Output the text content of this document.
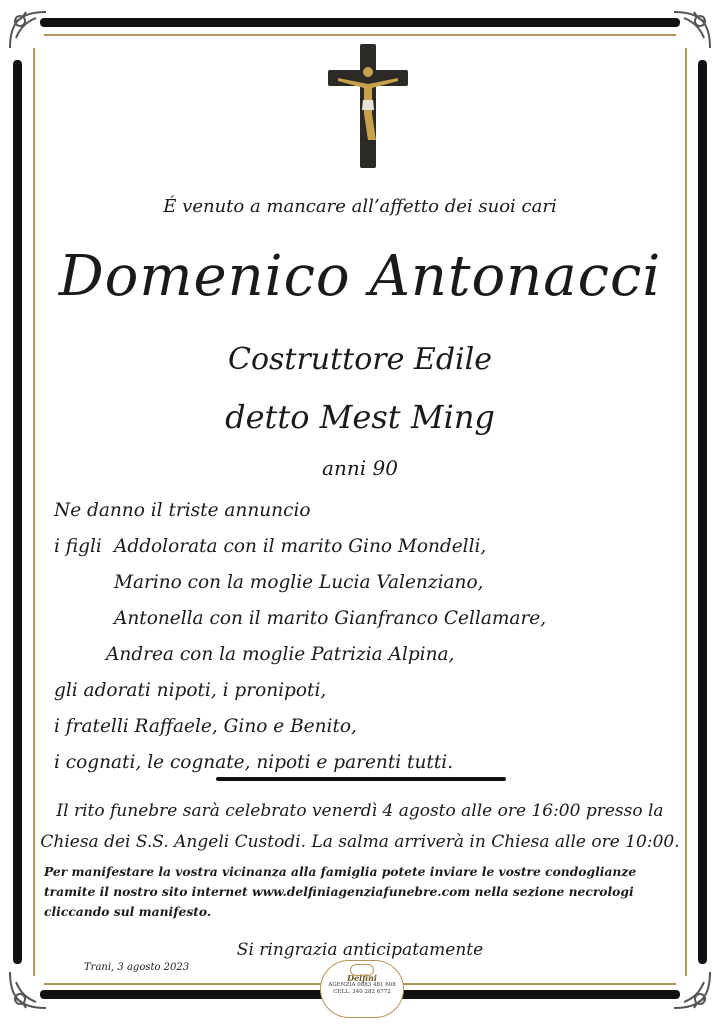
É venuto a mancare all’affetto dei suoi cari
Domenico Antonacci
Costruttore Edile
detto Mest Ming
anni 90
Ne danno il triste annuncio
i figli Addolorata con il marito Gino Mondelli,
Marino con la moglie Lucia Valenziano,
Antonella con il marito Gianfranco Cellamare,
Andrea con la moglie Patrizia Alpina,
gli adorati nipoti, i pronipoti,
i fratelli Raffaele, Gino e Benito,
i cognati, le cognate, nipoti e parenti tutti.
Il rito funebre sarà celebrato venerdì 4 agosto alle ore 16:00 presso la
Chiesa dei S.S. Angeli Custodi. La salma arriverà in Chiesa alle ore 10:00.
Per manifestare la vostra vicinanza alla famiglia potete inviare le vostre condoglianze
tramite il nostro sito internet www.delfiniagenziafunebre.com nella sezione necrologi
cliccando sul manifesto.
Si ringrazia anticipatamente
Trani, 3 agosto 2023
Delfini
AGENZIA 0883 481 608
CELL. 340 282 6772
